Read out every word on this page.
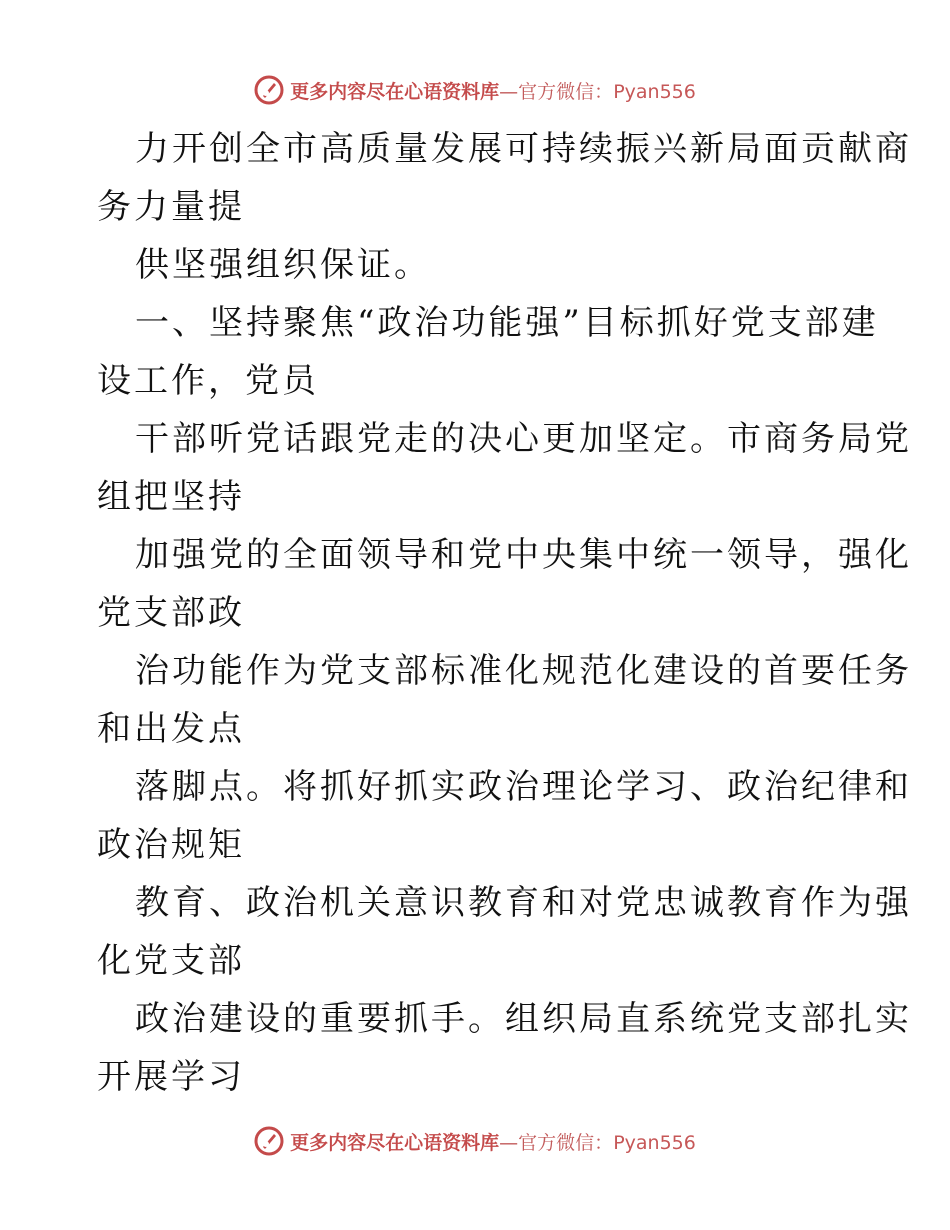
更多内容尽在心语资料库—官方微信：Pyan556
力开创全市高质量发展可持续振兴新局面贡献商
务力量提
供坚强组织保证。
一、坚持聚焦“政治功能强”目标抓好党支部建
设工作，党员
干部听党话跟党走的决心更加坚定。市商务局党
组把坚持
加强党的全面领导和党中央集中统一领导，强化
党支部政
治功能作为党支部标准化规范化建设的首要任务
和出发点
落脚点。将抓好抓实政治理论学习、政治纪律和
政治规矩
教育、政治机关意识教育和对党忠诚教育作为强
化党支部
政治建设的重要抓手。组织局直系统党支部扎实
开展学习
更多内容尽在心语资料库—官方微信：Pyan556
